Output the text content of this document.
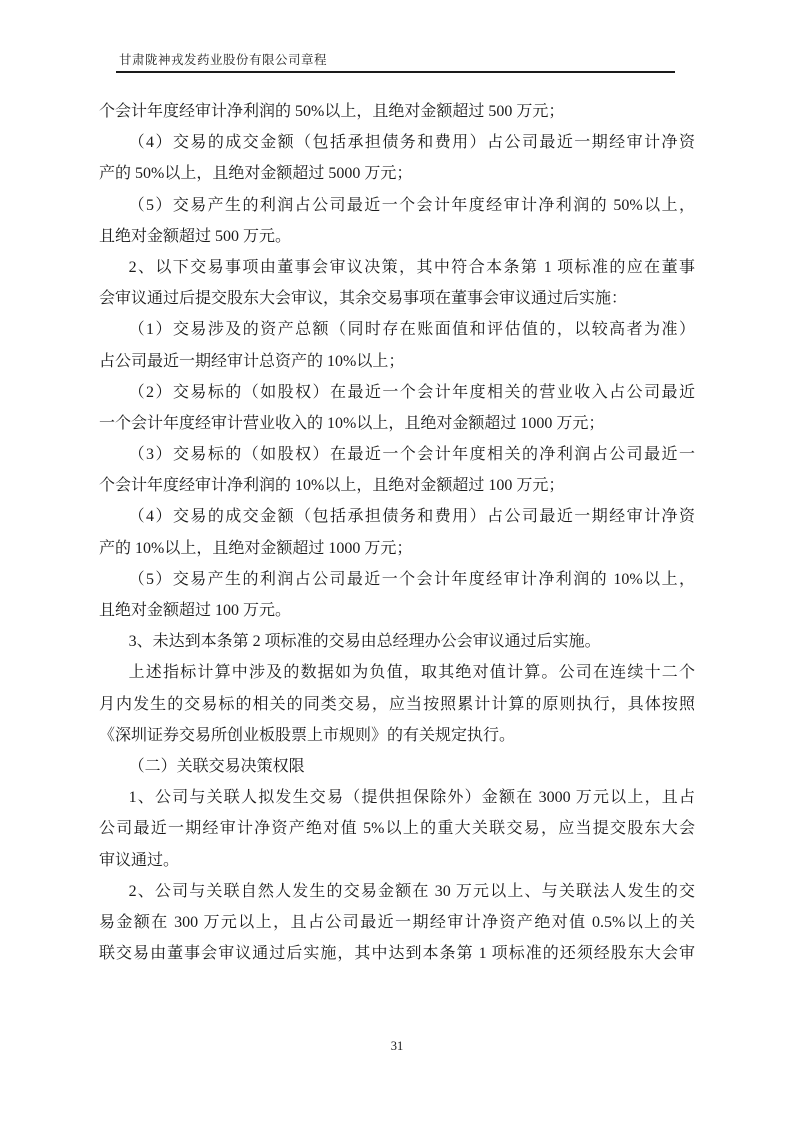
甘肃陇神戎发药业股份有限公司章程
个会计年度经审计净利润的 50%以上，且绝对金额超过 500 万元；
（4）交易的成交金额（包括承担债务和费用）占公司最近一期经审计净资
产的 50%以上，且绝对金额超过 5000 万元；
（5）交易产生的利润占公司最近一个会计年度经审计净利润的 50%以上，
且绝对金额超过 500 万元。
2、以下交易事项由董事会审议决策，其中符合本条第 1 项标准的应在董事
会审议通过后提交股东大会审议，其余交易事项在董事会审议通过后实施：
（1）交易涉及的资产总额（同时存在账面值和评估值的，以较高者为准）
占公司最近一期经审计总资产的 10%以上；
（2）交易标的（如股权）在最近一个会计年度相关的营业收入占公司最近
一个会计年度经审计营业收入的 10%以上，且绝对金额超过 1000 万元；
（3）交易标的（如股权）在最近一个会计年度相关的净利润占公司最近一
个会计年度经审计净利润的 10%以上，且绝对金额超过 100 万元；
（4）交易的成交金额（包括承担债务和费用）占公司最近一期经审计净资
产的 10%以上，且绝对金额超过 1000 万元；
（5）交易产生的利润占公司最近一个会计年度经审计净利润的 10%以上，
且绝对金额超过 100 万元。
3、未达到本条第 2 项标准的交易由总经理办公会审议通过后实施。
上述指标计算中涉及的数据如为负值，取其绝对值计算。公司在连续十二个
月内发生的交易标的相关的同类交易，应当按照累计计算的原则执行，具体按照
《深圳证券交易所创业板股票上市规则》的有关规定执行。
（二）关联交易决策权限
1、公司与关联人拟发生交易（提供担保除外）金额在 3000 万元以上，且占
公司最近一期经审计净资产绝对值 5%以上的重大关联交易，应当提交股东大会
审议通过。
2、公司与关联自然人发生的交易金额在 30 万元以上、与关联法人发生的交
易金额在 300 万元以上，且占公司最近一期经审计净资产绝对值 0.5%以上的关
联交易由董事会审议通过后实施，其中达到本条第 1 项标准的还须经股东大会审
31
